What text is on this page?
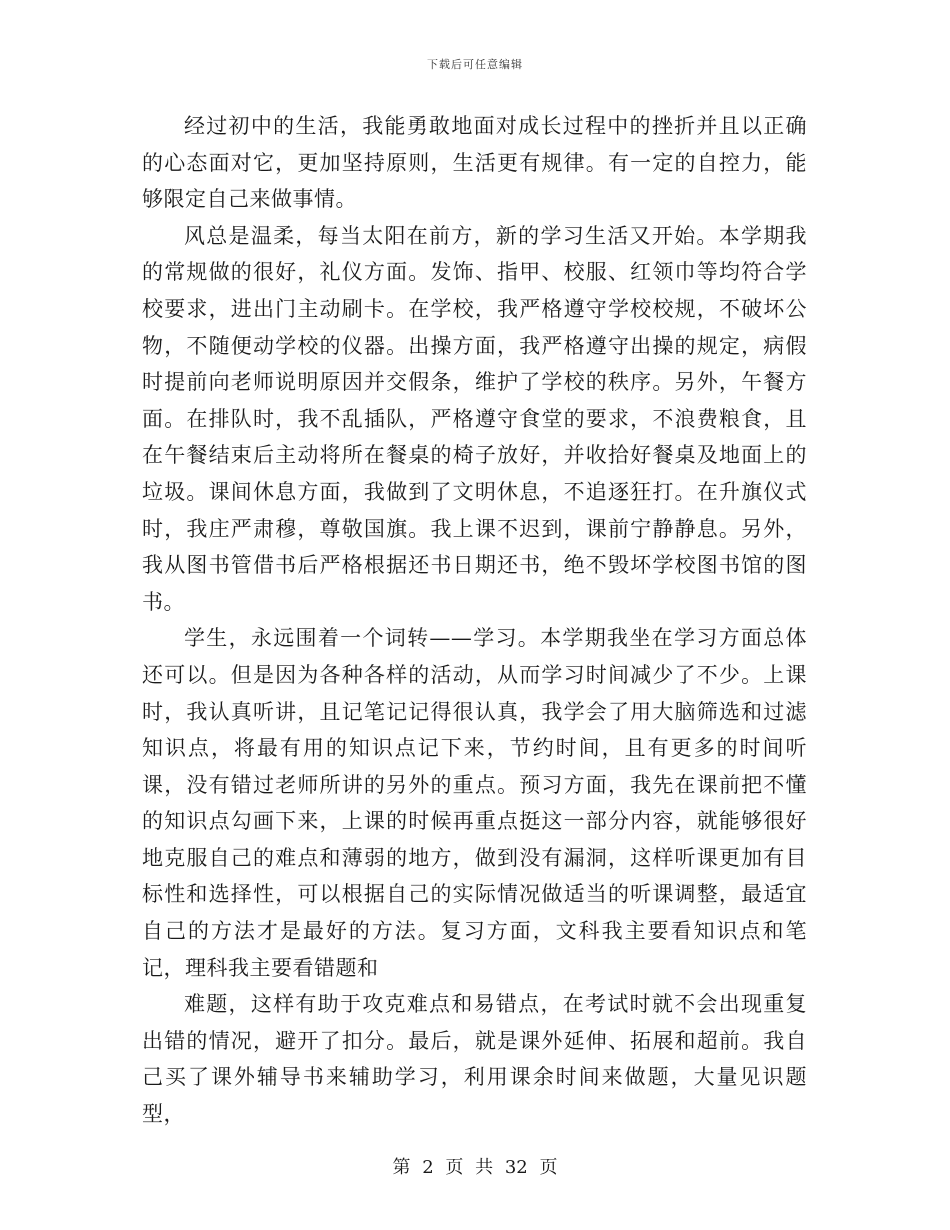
下载后可任意编辑

经过初中的生活，我能勇敢地面对成长过程中的挫折并且以正确的心态面对它，更加坚持原则，生活更有规律。有一定的自控力，能够限定自己来做事情。

风总是温柔，每当太阳在前方，新的学习生活又开始。本学期我的常规做的很好，礼仪方面。发饰、指甲、校服、红领巾等均符合学校要求，进出门主动刷卡。在学校，我严格遵守学校校规，不破坏公物，不随便动学校的仪器。出操方面，我严格遵守出操的规定，病假时提前向老师说明原因并交假条，维护了学校的秩序。另外，午餐方面。在排队时，我不乱插队，严格遵守食堂的要求，不浪费粮食，且在午餐结束后主动将所在餐桌的椅子放好，并收拾好餐桌及地面上的垃圾。课间休息方面，我做到了文明休息，不追逐狂打。在升旗仪式时，我庄严肃穆，尊敬国旗。我上课不迟到，课前宁静静息。另外，我从图书管借书后严格根据还书日期还书，绝不毁坏学校图书馆的图书。

学生，永远围着一个词转——学习。本学期我坐在学习方面总体还可以。但是因为各种各样的活动，从而学习时间减少了不少。上课时，我认真听讲，且记笔记记得很认真，我学会了用大脑筛选和过滤知识点，将最有用的知识点记下来，节约时间，且有更多的时间听课，没有错过老师所讲的另外的重点。预习方面，我先在课前把不懂的知识点勾画下来，上课的时候再重点挺这一部分内容，就能够很好地克服自己的难点和薄弱的地方，做到没有漏洞，这样听课更加有目标性和选择性，可以根据自己的实际情况做适当的听课调整，最适宜自己的方法才是最好的方法。复习方面，文科我主要看知识点和笔记，理科我主要看错题和

难题，这样有助于攻克难点和易错点，在考试时就不会出现重复出错的情况，避开了扣分。最后，就是课外延伸、拓展和超前。我自己买了课外辅导书来辅助学习，利用课余时间来做题，大量见识题型，

第 2 页 共 32 页
